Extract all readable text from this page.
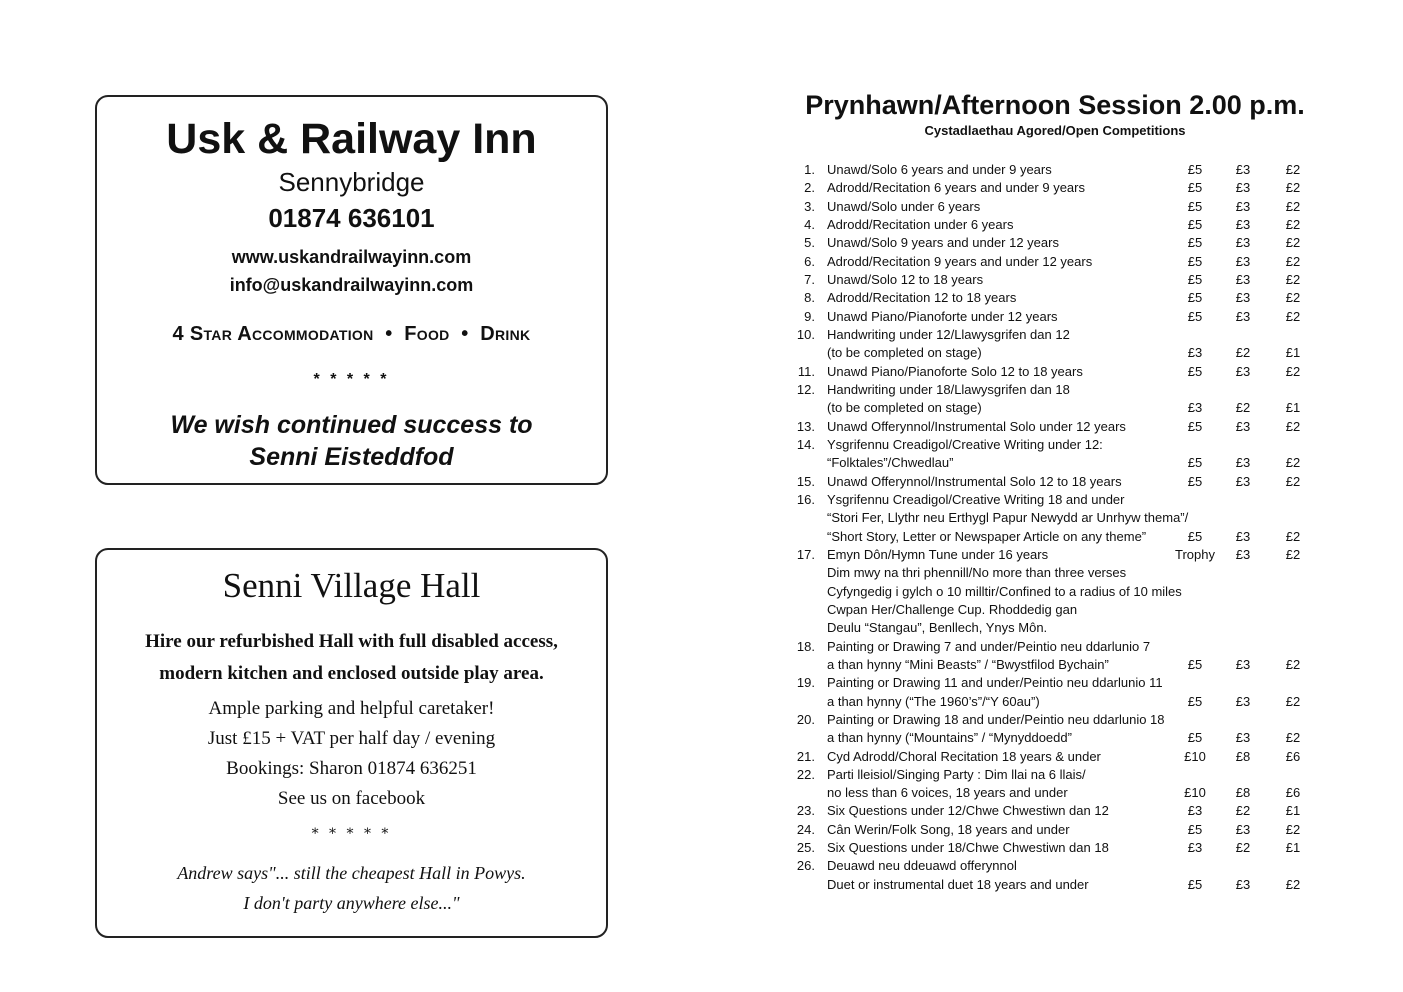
Usk & Railway Inn
Sennybridge
01874 636101
www.uskandrailwayinn.com
info@uskandrailwayinn.com
4 Star Accommodation  •  Food  •  Drink
* * * * *
We wish continued success to
Senni Eisteddfod
Senni Village Hall
Hire our refurbished Hall with full disabled access,
modern kitchen and enclosed outside play area.
Ample parking and helpful caretaker!
Just £15 + VAT per half day / evening
Bookings: Sharon 01874 636251
See us on facebook
* * * * *
Andrew says"... still the cheapest Hall in Powys.
I don't party anywhere else..."
Prynhawn/Afternoon Session 2.00 p.m.
Cystadlaethau Agored/Open Competitions
1. Unawd/Solo 6 years and under 9 years	£5	£3	£2
2. Adrodd/Recitation 6 years and under 9 years	£5	£3	£2
3. Unawd/Solo under 6 years	£5	£3	£2
4. Adrodd/Recitation under 6 years	£5	£3	£2
5. Unawd/Solo 9 years and under 12 years	£5	£3	£2
6. Adrodd/Recitation 9 years and under 12 years	£5	£3	£2
7. Unawd/Solo 12 to 18 years	£5	£3	£2
8. Adrodd/Recitation 12 to 18 years	£5	£3	£2
9. Unawd Piano/Pianoforte under 12 years	£5	£3	£2
10. Handwriting under 12/Llawysgrifen dan 12
(to be completed on stage)	£3	£2	£1
11. Unawd Piano/Pianoforte Solo 12 to 18 years	£5	£3	£2
12. Handwriting under 18/Llawysgrifen dan 18
(to be completed on stage)	£3	£2	£1
13. Unawd Offerynnol/Instrumental Solo under 12 years	£5	£3	£2
14. Ysgrifennu Creadigol/Creative Writing under 12:
“Folktales”/Chwedlau”	£5	£3	£2
15. Unawd Offerynnol/Instrumental Solo 12 to 18 years	£5	£3	£2
16. Ysgrifennu Creadigol/Creative Writing 18 and under
“Stori Fer, Llythr neu Erthygl Papur Newydd ar Unrhyw thema”/
“Short Story, Letter or Newspaper Article on any theme”	£5	£3	£2
17. Emyn Dôn/Hymn Tune under 16 years	Trophy	£3	£2
Dim mwy na thri phennill/No more than three verses
Cyfyngedig i gylch o 10 milltir/Confined to a radius of 10 miles
Cwpan Her/Challenge Cup. Rhoddedig gan
Deulu “Stangau”, Benllech, Ynys Môn.
18. Painting or Drawing 7 and under/Peintio neu ddarlunio 7
a than hynny “Mini Beasts” / “Bwystfilod Bychain”	£5	£3	£2
19. Painting or Drawing 11 and under/Peintio neu ddarlunio 11
a than hynny (“The 1960’s”/“Y 60au”)	£5	£3	£2
20. Painting or Drawing 18 and under/Peintio neu ddarlunio 18
a than hynny (“Mountains” / “Mynyddoedd”	£5	£3	£2
21. Cyd Adrodd/Choral Recitation 18 years & under	£10	£8	£6
22. Parti lleisiol/Singing Party : Dim llai na 6 llais/
no less than 6 voices, 18 years and under	£10	£8	£6
23. Six Questions under 12/Chwe Chwestiwn dan 12	£3	£2	£1
24. Cân Werin/Folk Song, 18 years and under	£5	£3	£2
25. Six Questions under 18/Chwe Chwestiwn dan 18	£3	£2	£1
26. Deuawd neu ddeuawd offerynnol
Duet or instrumental duet 18 years and under	£5	£3	£2
